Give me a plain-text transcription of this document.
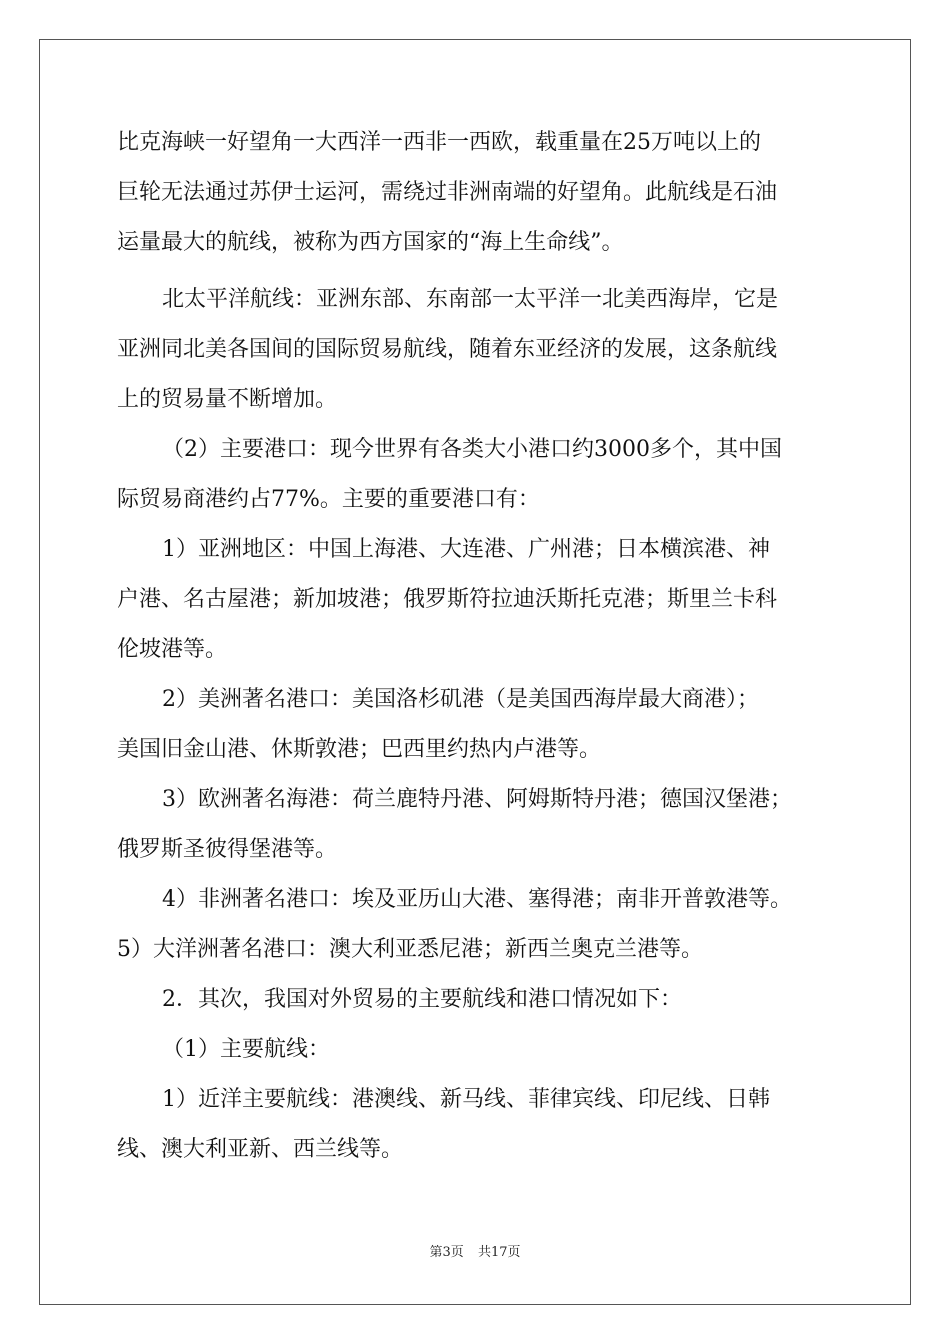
比克海峡一好望角一大西洋一西非一西欧，载重量在25万吨以上的
巨轮无法通过苏伊士运河，需绕过非洲南端的好望角。此航线是石油
运量最大的航线，被称为西方国家的“海上生命线”。
北太平洋航线：亚洲东部、东南部一太平洋一北美西海岸，它是
亚洲同北美各国间的国际贸易航线，随着东亚经济的发展，这条航线
上的贸易量不断增加。
（2）主要港口：现今世界有各类大小港口约3000多个，其中国
际贸易商港约占77%。主要的重要港口有：
1）亚洲地区：中国上海港、大连港、广州港；日本横滨港、神
户港、名古屋港；新加坡港；俄罗斯符拉迪沃斯托克港；斯里兰卡科
伦坡港等。
2）美洲著名港口：美国洛杉矶港（是美国西海岸最大商港）；
美国旧金山港、休斯敦港；巴西里约热内卢港等。
3）欧洲著名海港：荷兰鹿特丹港、阿姆斯特丹港；德国汉堡港；
俄罗斯圣彼得堡港等。
4）非洲著名港口：埃及亚历山大港、塞得港；南非开普敦港等。
5）大洋洲著名港口：澳大利亚悉尼港；新西兰奥克兰港等。
2．其次，我国对外贸易的主要航线和港口情况如下：
（1）主要航线：
1）近洋主要航线：港澳线、新马线、菲律宾线、印尼线、日韩
线、澳大利亚新、西兰线等。
第3页 共17页
